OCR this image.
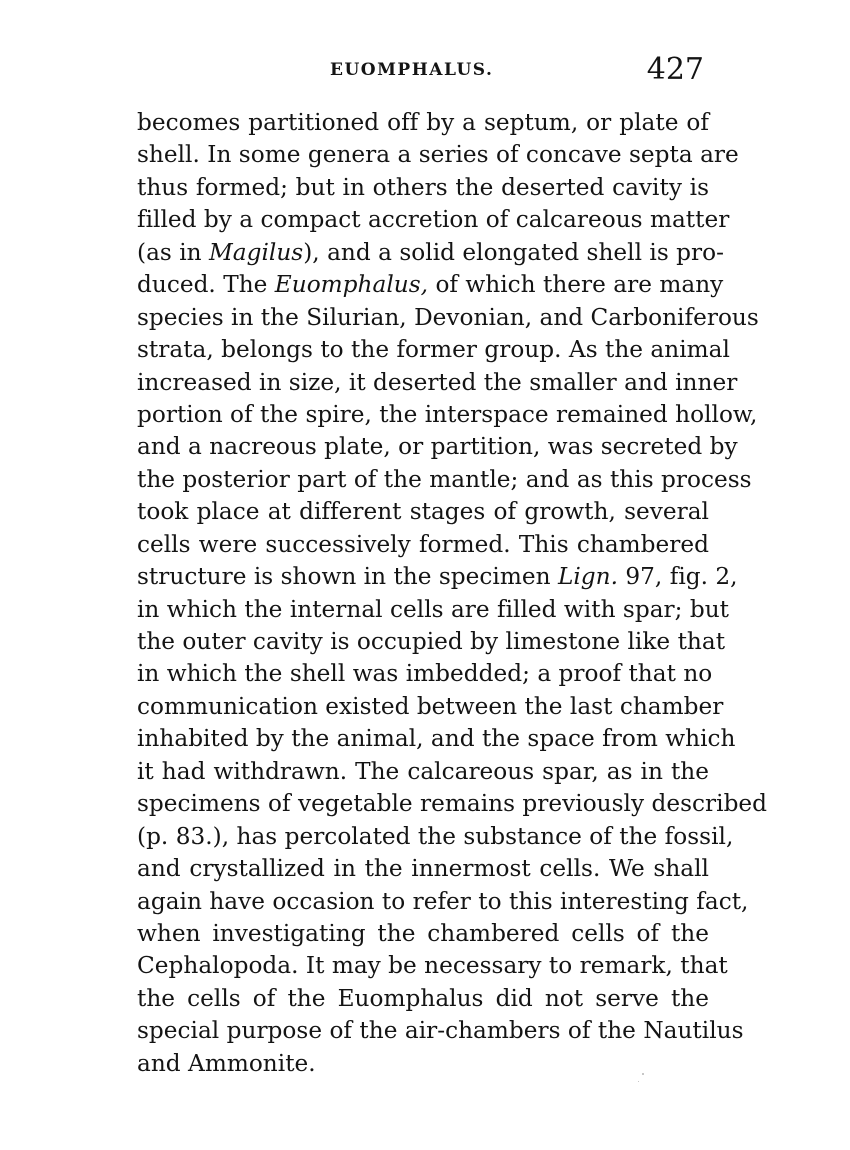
EUOMPHALUS.	427
becomes partitioned off by a septum, or plate of
shell. In some genera a series of concave septa are
thus formed; but in others the deserted cavity is
filled by a compact accretion of calcareous matter
(as in Magilus), and a solid elongated shell is pro-
duced. The Euomphalus, of which there are many
species in the Silurian, Devonian, and Carboniferous
strata, belongs to the former group. As the animal
increased in size, it deserted the smaller and inner
portion of the spire, the interspace remained hollow,
and a nacreous plate, or partition, was secreted by
the posterior part of the mantle; and as this process
took place at different stages of growth, several
cells were successively formed. This chambered
structure is shown in the specimen Lign. 97, fig. 2,
in which the internal cells are filled with spar; but
the outer cavity is occupied by limestone like that
in which the shell was imbedded; a proof that no
communication existed between the last chamber
inhabited by the animal, and the space from which
it had withdrawn. The calcareous spar, as in the
specimens of vegetable remains previously described
(p. 83.), has percolated the substance of the fossil,
and crystallized in the innermost cells. We shall
again have occasion to refer to this interesting fact,
when investigating the chambered cells of the
Cephalopoda. It may be necessary to remark, that
the cells of the Euomphalus did not serve the
special purpose of the air-chambers of the Nautilus
and Ammonite.
